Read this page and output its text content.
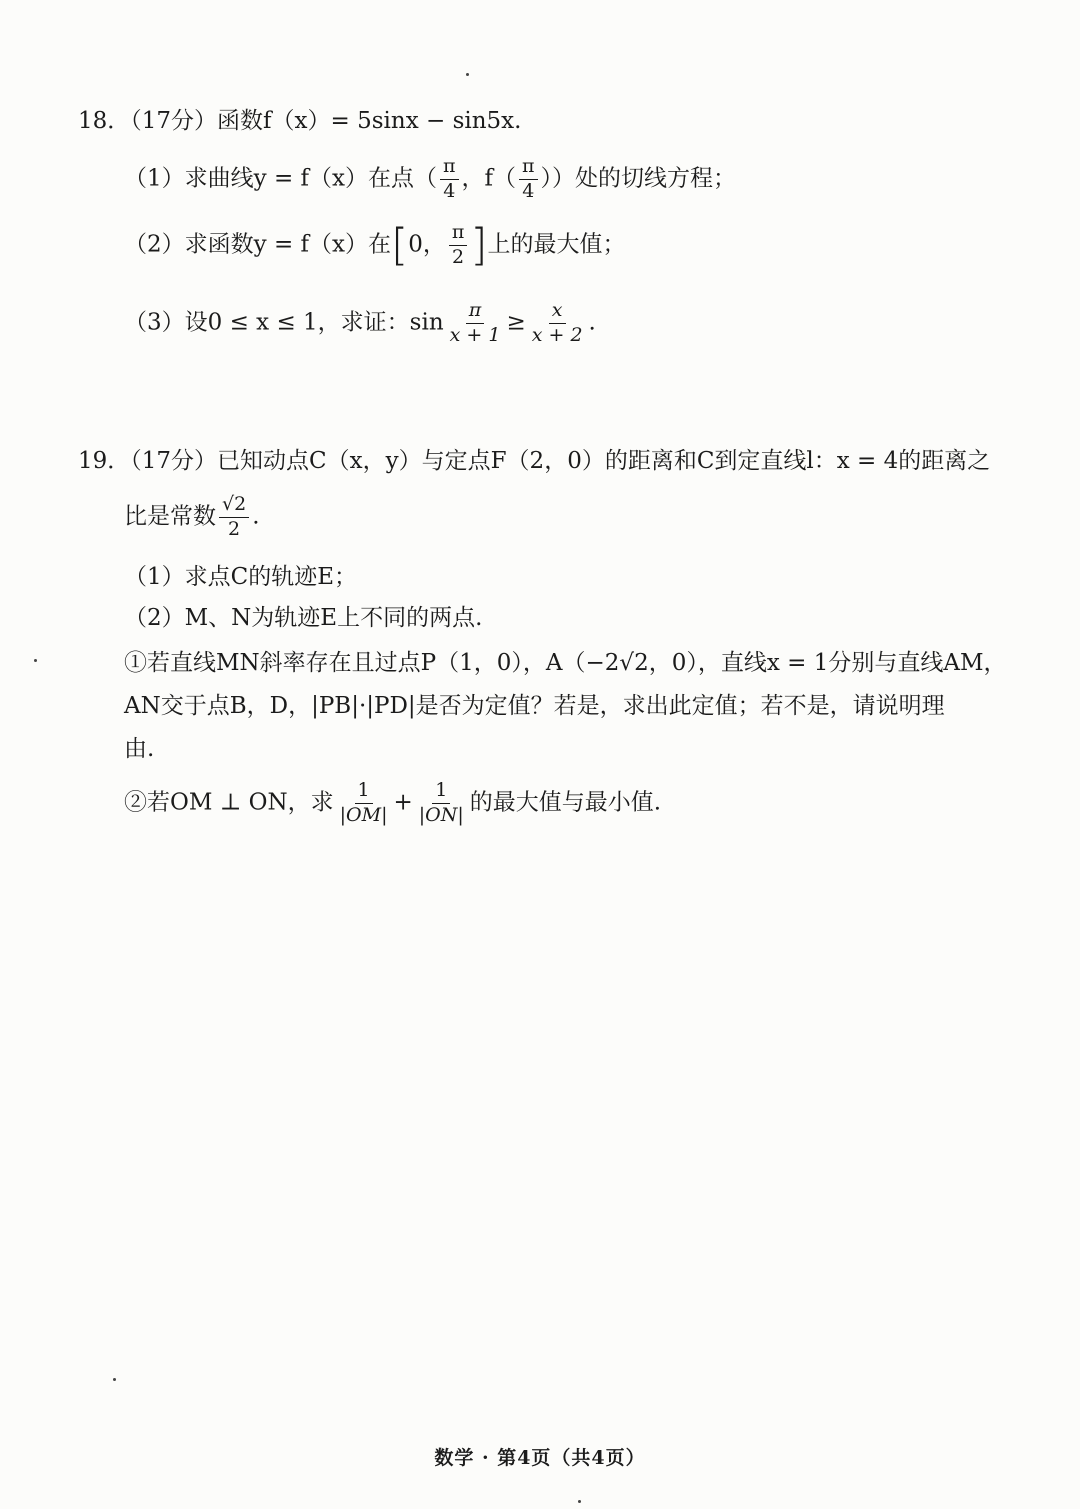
18．（17分）函数f（x）= 5sinx − sin5x.
（1）求曲线y = f（x）在点（ $\frac{\pi}{4}$ ，$f( \frac{\pi}{4}$ ））处的切线方程；
（2）求函数y = f（x）在[0， $\frac{\pi}{2}$ ]上的最大值；
（3）设0 ≤ x ≤ 1，求证：$\sin \frac{\pi}{x + 1} \ge \frac{x}{x + 2}$ .
19．（17分）已知动点C（x，y）与定点F（2，0）的距离和C到定直线l：x = 4的距离之
比是常数 $\frac{√2}{2}$ .
（1）求点C的轨迹E；
（2）M、N为轨迹E上不同的两点.
①若直线MN斜率存在且过点P（1，0），A（−2√2，0），直线x = 1分别与直线AM，
AN交于点B，D，|PB|·|PD|是否为定值？若是，求出此定值；若不是，请说明理
由.
②若OM ⊥ ON，求 $\frac{1}{|OM|} + \frac{1}{|ON|}$ 的最大值与最小值.
数学 · 第4页（共4页）
